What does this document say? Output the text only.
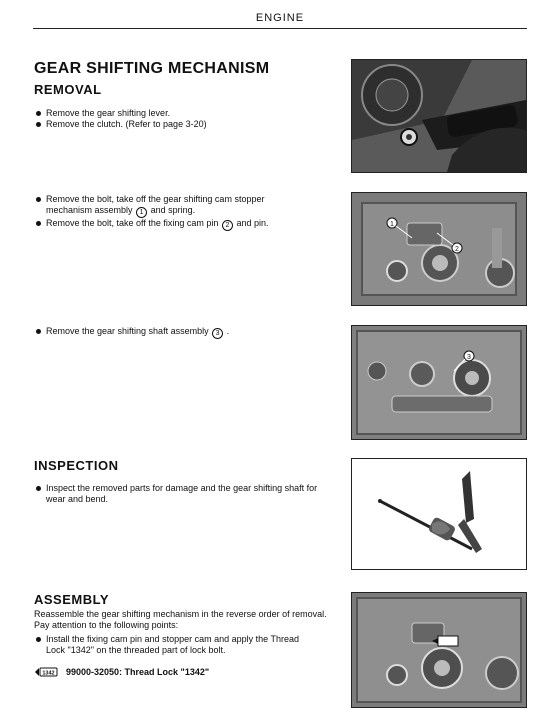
ENGINE
GEAR SHIFTING MECHANISM
REMOVAL
Remove the gear shifting lever.
Remove the clutch. (Refer to page 3-20)
Remove the bolt, take off the gear shifting cam stopper mechanism assembly 1 and spring.
Remove the bolt, take off the fixing cam pin 2 and pin.
Remove the gear shifting shaft assembly 3 .
INSPECTION
Inspect the removed parts for damage and the gear shifting shaft for wear and bend.
ASSEMBLY
Reassemble the gear shifting mechanism in the reverse order of removal. Pay attention to the following points:
Install the fixing cam pin and stopper cam and apply the Thread Lock "1342" on the threaded part of lock bolt.
1342 99000-32050: Thread Lock "1342"
1
2
3
